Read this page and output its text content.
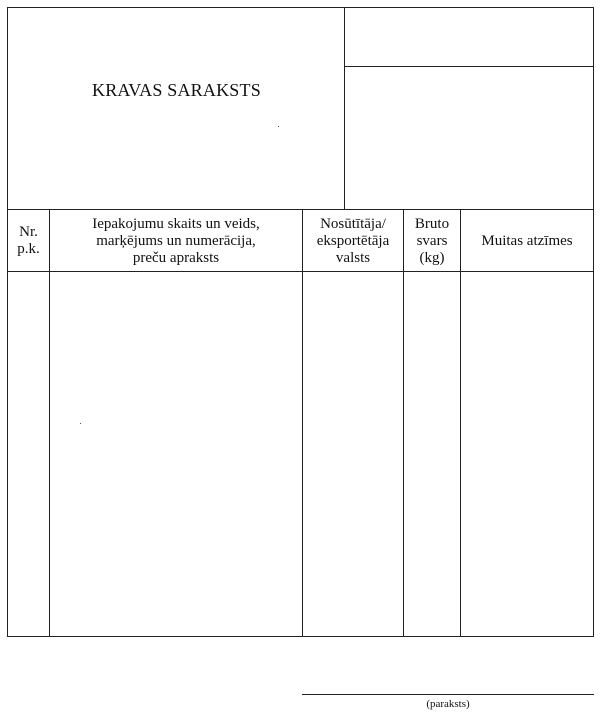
KRAVAS SARAKSTS
Nr.
p.k.
Iepakojumu skaits un veids,
marķējums un numerācija,
preču apraksts
Nosūtītāja/
eksportētāja
valsts
Bruto
svars
(kg)
Muitas atzīmes
(paraksts)
